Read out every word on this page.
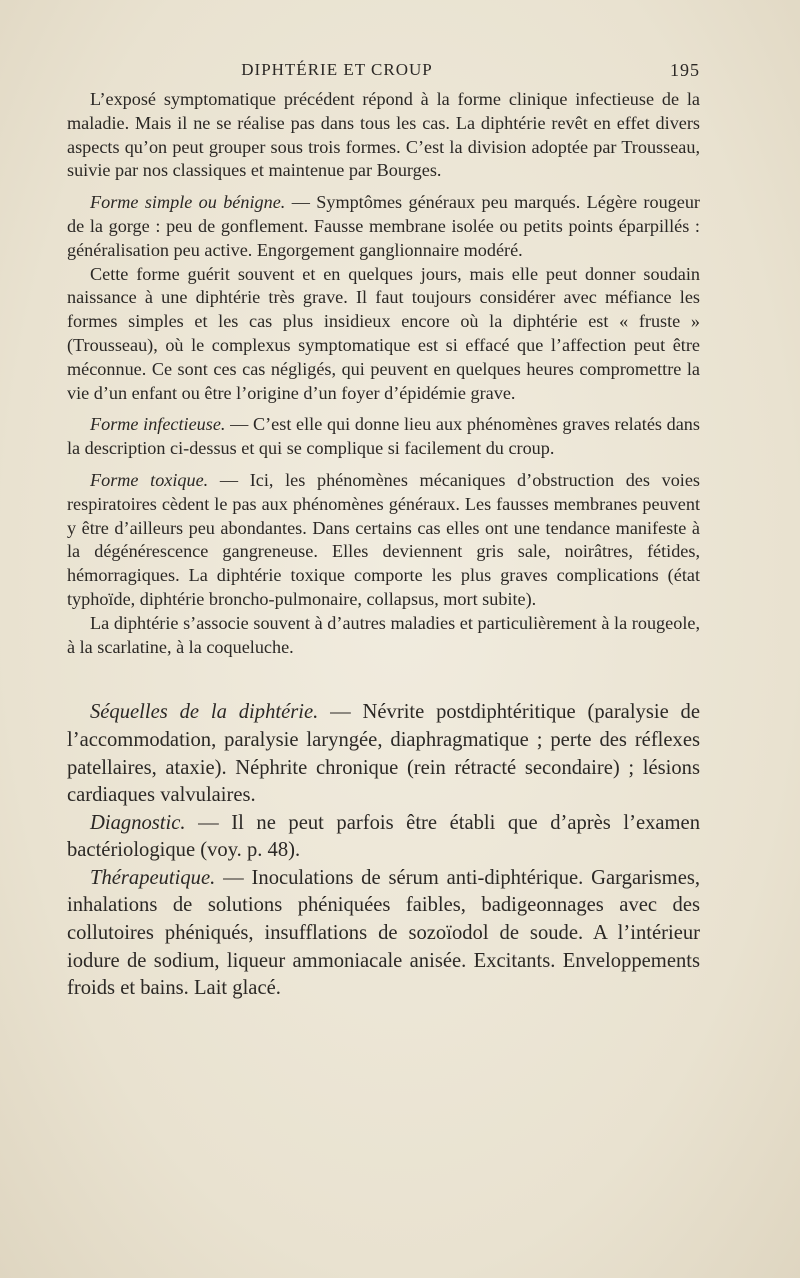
DIPHTÉRIE ET CROUP	195

L’exposé symptomatique précédent répond à la forme clinique infectieuse de la maladie. Mais il ne se réalise pas dans tous les cas. La diphtérie revêt en effet divers aspects qu’on peut grouper sous trois formes. C’est la division adoptée par Trousseau, suivie par nos classiques et maintenue par Bourges.

Forme simple ou bénigne. — Symptômes généraux peu marqués. Légère rougeur de la gorge : peu de gonflement. Fausse membrane isolée ou petits points éparpillés : généralisation peu active. Engorgement ganglionnaire modéré.

Cette forme guérit souvent et en quelques jours, mais elle peut donner soudain naissance à une diphtérie très grave. Il faut toujours considérer avec méfiance les formes simples et les cas plus insidieux encore où la diphtérie est « fruste » (Trousseau), où le complexus symptomatique est si effacé que l’affection peut être méconnue. Ce sont ces cas négligés, qui peuvent en quelques heures compromettre la vie d’un enfant ou être l’origine d’un foyer d’épidémie grave.

Forme infectieuse. — C’est elle qui donne lieu aux phénomènes graves relatés dans la description ci-dessus et qui se complique si facilement du croup.

Forme toxique. — Ici, les phénomènes mécaniques d’obstruction des voies respiratoires cèdent le pas aux phénomènes généraux. Les fausses membranes peuvent y être d’ailleurs peu abondantes. Dans certains cas elles ont une tendance manifeste à la dégénérescence gangreneuse. Elles deviennent gris sale, noirâtres, fétides, hémorragiques. La diphtérie toxique comporte les plus graves complications (état typhoïde, diphtérie broncho-pulmonaire, collapsus, mort subite).

La diphtérie s’associe souvent à d’autres maladies et particulièrement à la rougeole, à la scarlatine, à la coqueluche.

Séquelles de la diphtérie. — Névrite postdiphtéritique (paralysie de l’accommodation, paralysie laryngée, diaphragmatique ; perte des réflexes patellaires, ataxie). Néphrite chronique (rein rétracté secondaire) ; lésions cardiaques valvulaires.

Diagnostic. — Il ne peut parfois être établi que d’après l’examen bactériologique (voy. p. 48).

Thérapeutique. — Inoculations de sérum anti-diphtérique. Gargarismes, inhalations de solutions phéniquées faibles, badigeonnages avec des collutoires phéniqués, insufflations de sozoïodol de soude. A l’intérieur iodure de sodium, liqueur ammoniacale anisée. Excitants. Enveloppements froids et bains. Lait glacé.
